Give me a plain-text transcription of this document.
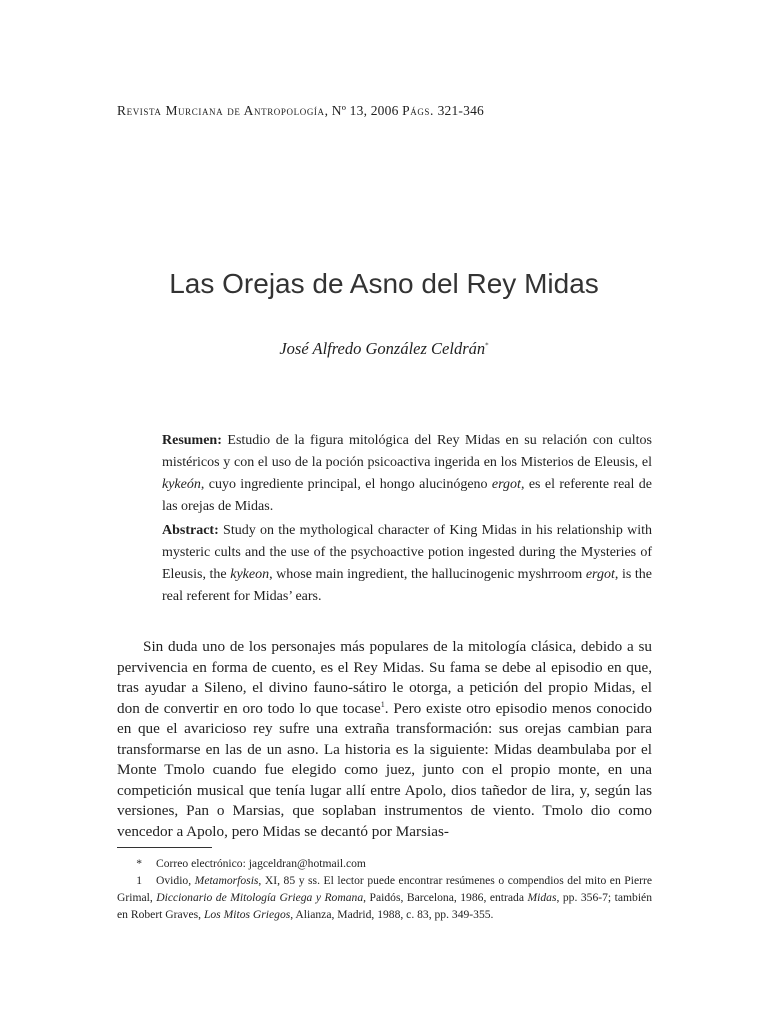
Revista Murciana de Antropología, Nº 13, 2006 Págs. 321-346
Las Orejas de Asno del Rey Midas
José Alfredo González Celdrán*
Resumen: Estudio de la figura mitológica del Rey Midas en su relación con cultos mistéricos y con el uso de la poción psicoactiva ingerida en los Misterios de Eleusis, el kykeón, cuyo ingrediente principal, el hongo alucinógeno ergot, es el referente real de las orejas de Midas.
Abstract: Study on the mythological character of King Midas in his relationship with mysteric cults and the use of the psychoactive potion ingested during the Mysteries of Eleusis, the kykeon, whose main ingredient, the hallucinogenic myshrroom ergot, is the real referent for Midas’ ears.

Sin duda uno de los personajes más populares de la mitología clásica, debido a su pervivencia en forma de cuento, es el Rey Midas. Su fama se debe al episodio en que, tras ayudar a Sileno, el divino fauno-sátiro le otorga, a petición del propio Midas, el don de convertir en oro todo lo que tocase$^1$. Pero existe otro episodio menos conocido en que el avaricioso rey sufre una extraña transformación: sus orejas cambian para transformarse en las de un asno. La historia es la siguiente: Midas deambulaba por el Monte Tmolo cuando fue elegido como juez, junto con el propio monte, en una competición musical que tenía lugar allí entre Apolo, dios tañedor de lira, y, según las versiones, Pan o Marsias, que soplaban instrumentos de viento. Tmolo dio como vencedor a Apolo, pero Midas se decantó por Marsias-

* Correo electrónico: jagceldran@hotmail.com

1 Ovidio, Metamorfosis, XI, 85 y ss. El lector puede encontrar resúmenes o compendios del mito en Pierre Grimal, Diccionario de Mitología Griega y Romana, Paidós, Barcelona, 1986, entrada Midas, pp. 356-7; también en Robert Graves, Los Mitos Griegos, Alianza, Madrid, 1988, c. 83, pp. 349-355.
